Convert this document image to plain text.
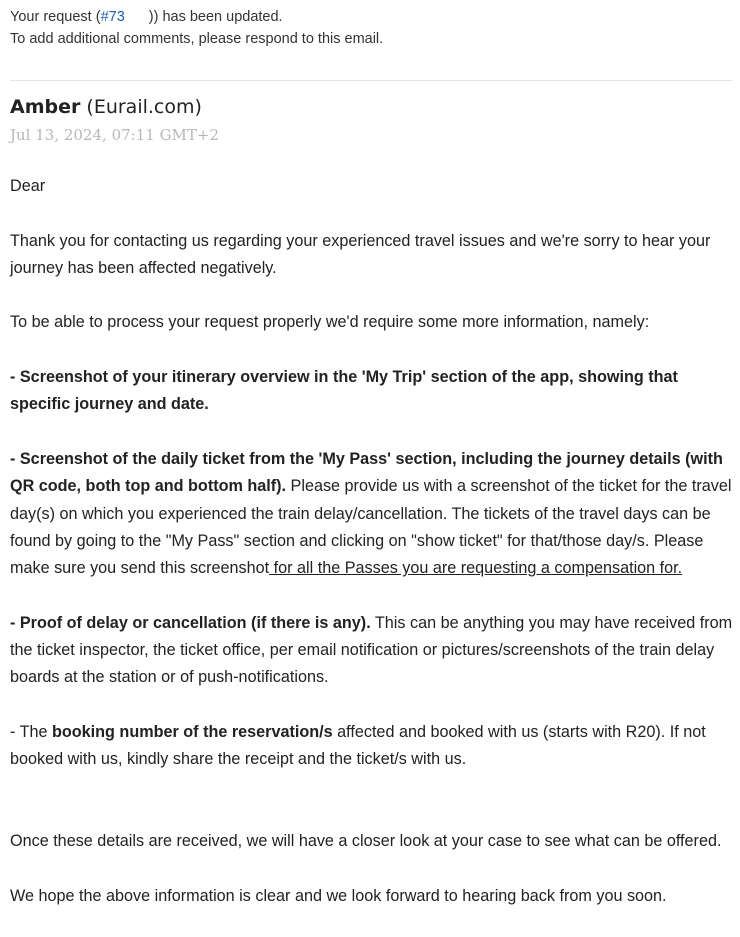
Your request (#73 )) has been updated.
To add additional comments, please respond to this email.
Amber (Eurail.com)
Jul 13, 2024, 07:11 GMT+2

Dear

Thank you for contacting us regarding your experienced travel issues and we're sorry to hear your journey has been affected negatively.

To be able to process your request properly we'd require some more information, namely:

- Screenshot of your itinerary overview in the 'My Trip' section of the app, showing that specific journey and date.

- Screenshot of the daily ticket from the 'My Pass' section, including the journey details (with QR code, both top and bottom half). Please provide us with a screenshot of the ticket for the travel day(s) on which you experienced the train delay/cancellation. The tickets of the travel days can be found by going to the "My Pass" section and clicking on "show ticket" for that/those day/s. Please make sure you send this screenshot for all the Passes you are requesting a compensation for.

- Proof of delay or cancellation (if there is any). This can be anything you may have received from the ticket inspector, the ticket office, per email notification or pictures/screenshots of the train delay boards at the station or of push-notifications.

- The booking number of the reservation/s affected and booked with us (starts with R20). If not booked with us, kindly share the receipt and the ticket/s with us.

Once these details are received, we will have a closer look at your case to see what can be offered.

We hope the above information is clear and we look forward to hearing back from you soon.
